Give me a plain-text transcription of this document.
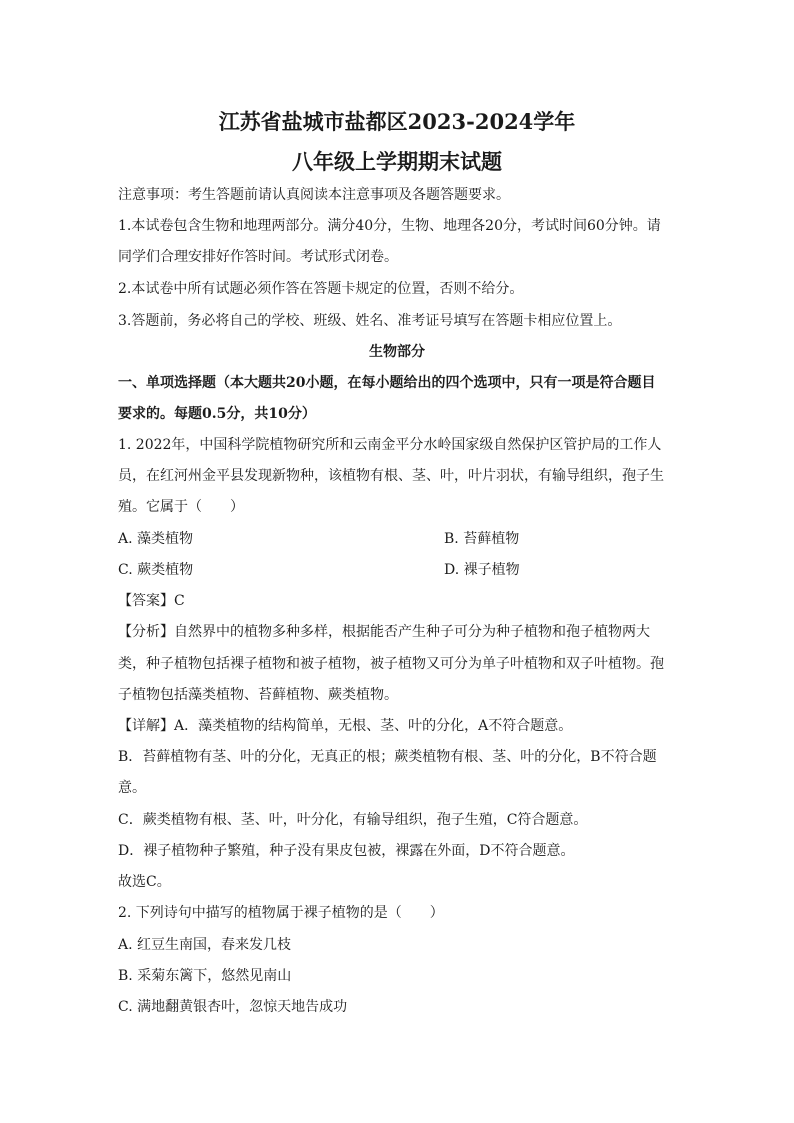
江苏省盐城市盐都区2023-2024学年
八年级上学期期末试题
注意事项：考生答题前请认真阅读本注意事项及各题答题要求。
1.本试卷包含生物和地理两部分。满分40分，生物、地理各20分，考试时间60分钟。请
同学们合理安排好作答时间。考试形式闭卷。
2.本试卷中所有试题必须作答在答题卡规定的位置，否则不给分。
3.答题前，务必将自己的学校、班级、姓名、准考证号填写在答题卡相应位置上。
生物部分
一、单项选择题（本大题共20小题，在每小题给出的四个选项中，只有一项是符合题目
要求的。每题0.5分，共10分）
1. 2022年，中国科学院植物研究所和云南金平分水岭国家级自然保护区管护局的工作人
员，在红河州金平县发现新物种，该植物有根、茎、叶，叶片羽状，有输导组织，孢子生
殖。它属于（　　）
A. 藻类植物	B. 苔藓植物
C. 蕨类植物	D. 裸子植物
【答案】C
【分析】自然界中的植物多种多样，根据能否产生种子可分为种子植物和孢子植物两大
类，种子植物包括裸子植物和被子植物，被子植物又可分为单子叶植物和双子叶植物。孢
子植物包括藻类植物、苔藓植物、蕨类植物。
【详解】A．藻类植物的结构简单，无根、茎、叶的分化，A不符合题意。
B．苔藓植物有茎、叶的分化，无真正的根；蕨类植物有根、茎、叶的分化，B不符合题
意。
C．蕨类植物有根、茎、叶，叶分化，有输导组织，孢子生殖，C符合题意。
D．裸子植物种子繁殖，种子没有果皮包被，裸露在外面，D不符合题意。
故选C。
2. 下列诗句中描写的植物属于裸子植物的是（　　）
A. 红豆生南国，春来发几枝
B. 采菊东篱下，悠然见南山
C. 满地翻黄银杏叶，忽惊天地告成功
